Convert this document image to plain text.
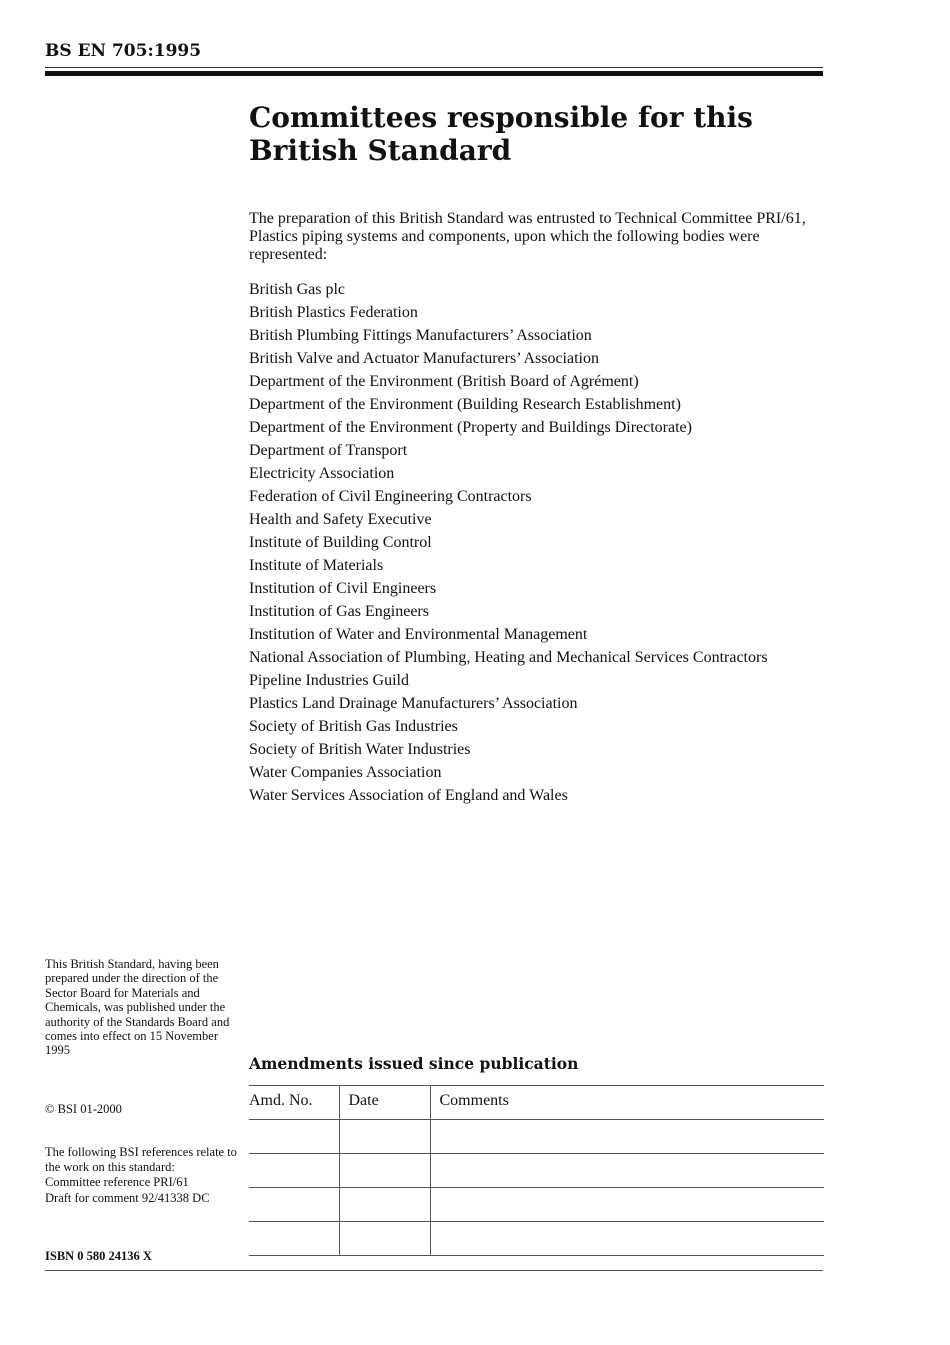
BS EN 705:1995
Committees responsible for this British Standard
The preparation of this British Standard was entrusted to Technical Committee PRI/61, Plastics piping systems and components, upon which the following bodies were represented:
British Gas plc
British Plastics Federation
British Plumbing Fittings Manufacturers’ Association
British Valve and Actuator Manufacturers’ Association
Department of the Environment (British Board of Agrément)
Department of the Environment (Building Research Establishment)
Department of the Environment (Property and Buildings Directorate)
Department of Transport
Electricity Association
Federation of Civil Engineering Contractors
Health and Safety Executive
Institute of Building Control
Institute of Materials
Institution of Civil Engineers
Institution of Gas Engineers
Institution of Water and Environmental Management
National Association of Plumbing, Heating and Mechanical Services Contractors
Pipeline Industries Guild
Plastics Land Drainage Manufacturers’ Association
Society of British Gas Industries
Society of British Water Industries
Water Companies Association
Water Services Association of England and Wales
This British Standard, having been prepared under the direction of the Sector Board for Materials and Chemicals, was published under the authority of the Standards Board and comes into effect on 15 November 1995
© BSI 01-2000
The following BSI references relate to the work on this standard:
Committee reference PRI/61
Draft for comment 92/41338 DC
ISBN 0 580 24136 X
Amendments issued since publication
Amd. No.	Date	Comments
